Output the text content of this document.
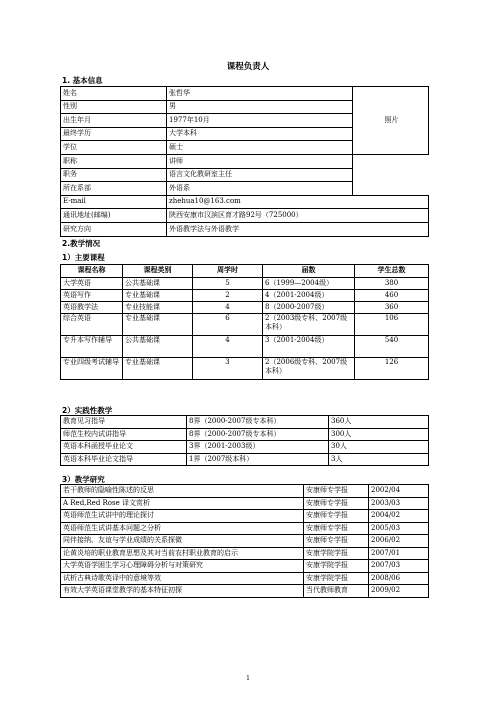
课程负责人
1. 基本信息
姓名	张哲华	照片
性别	男	
出生年月	1977年10月	
最终学历	大学本科	
学位	硕士	
职称	讲师	
职务	语言文化教研室主任	
所在系部	外语系	
E-mail	zhehua10@163.com	
通讯地址(邮编)	陕西安康市汉滨区育才路92号（725000）	
研究方向	外语教学法与外语教学	
2.教学情况
1）主要课程
课程名称	课程类别	周学时	届数	学生总数
大学英语	公共基础课	5	6（1999—2004级）	380
英语写作	专业基础课	2	4（2001-2004级）	460
英语教学法	专业技能课	4	8（2000-2007级）	360
综合英语	专业基础课	6	2（2003级专科、2007级本科）	106
专升本写作辅导	公共基础课	4	3（2001-2004级）	540
专业四级考试辅导	专业基础课	3	2（2006级专科、2007级本科）	126
2）实践性教学
教育见习指导	8界（2000-2007级专本科）	360人
师范生校内试讲指导	8界（2000-2007级专本科）	300人
英语本科函授毕业论文	3界（2001-2003级）	30人
英语本科毕业论文指导	1界（2007级本科）	3人
3）教学研究
若干教师的隐喻性陈述的反思	安康师专学报	2002/04
A Red,Red Rose 译文赏析	安康师专学报	2003/03
英语师范生试讲中的理论探讨	安康师专学报	2004/02
英语师范生试讲基本问题之分析	安康师专学报	2005/03
同伴接纳、友谊与学业成绩的关系探微	安康师专学报	2006/02
论黄炎培的职业教育思想及其对当前农村职业教育的启示	安康学院学报	2007/01
大学英语学困生学习心理障碍分析与对策研究	安康学院学报	2007/03
试析古典诗歌英译中的意境等效	安康学院学报	2008/06
有效大学英语课堂教学的基本特征初探	当代教师教育	2009/02
1
